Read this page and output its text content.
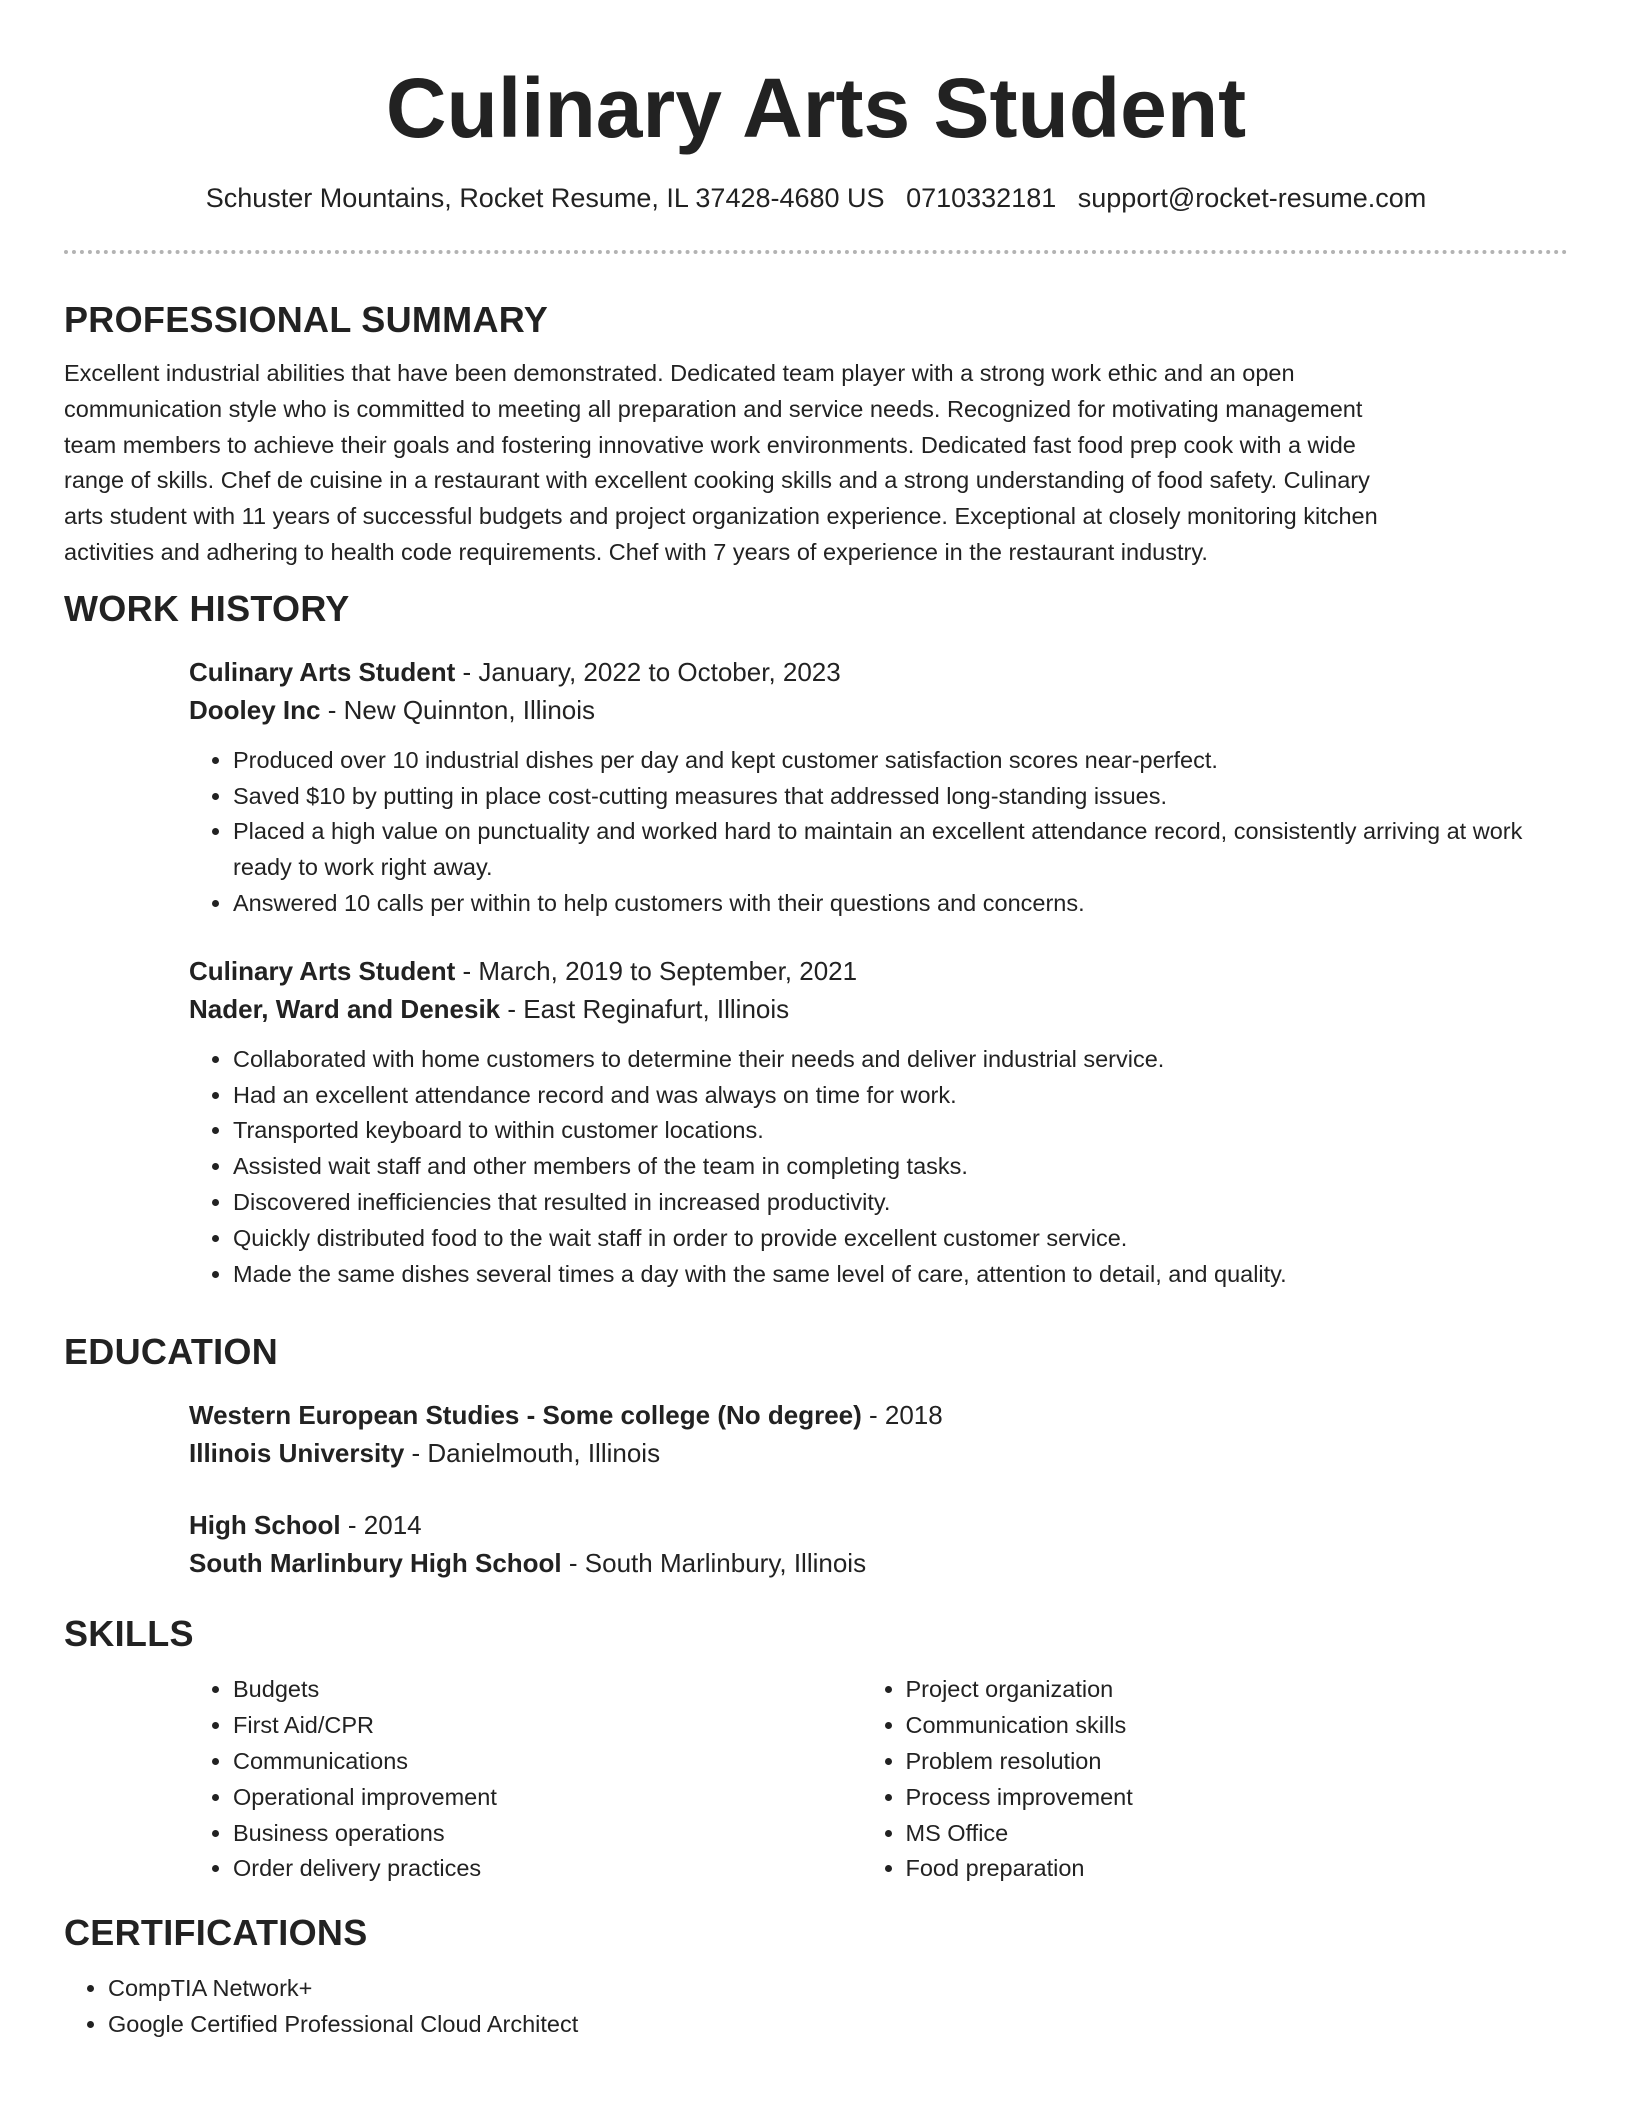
Culinary Arts Student
Schuster Mountains, Rocket Resume, IL 37428-4680 US 0710332181 support@rocket-resume.com
PROFESSIONAL SUMMARY
Excellent industrial abilities that have been demonstrated. Dedicated team player with a strong work ethic and an open communication style who is committed to meeting all preparation and service needs. Recognized for motivating management team members to achieve their goals and fostering innovative work environments. Dedicated fast food prep cook with a wide range of skills. Chef de cuisine in a restaurant with excellent cooking skills and a strong understanding of food safety. Culinary arts student with 11 years of successful budgets and project organization experience. Exceptional at closely monitoring kitchen activities and adhering to health code requirements. Chef with 7 years of experience in the restaurant industry.
WORK HISTORY
Culinary Arts Student - January, 2022 to October, 2023
Dooley Inc - New Quinnton, Illinois
• Produced over 10 industrial dishes per day and kept customer satisfaction scores near-perfect.
• Saved $10 by putting in place cost-cutting measures that addressed long-standing issues.
• Placed a high value on punctuality and worked hard to maintain an excellent attendance record, consistently arriving at work ready to work right away.
• Answered 10 calls per within to help customers with their questions and concerns.
Culinary Arts Student - March, 2019 to September, 2021
Nader, Ward and Denesik - East Reginafurt, Illinois
• Collaborated with home customers to determine their needs and deliver industrial service.
• Had an excellent attendance record and was always on time for work.
• Transported keyboard to within customer locations.
• Assisted wait staff and other members of the team in completing tasks.
• Discovered inefficiencies that resulted in increased productivity.
• Quickly distributed food to the wait staff in order to provide excellent customer service.
• Made the same dishes several times a day with the same level of care, attention to detail, and quality.
EDUCATION
Western European Studies - Some college (No degree) - 2018
Illinois University - Danielmouth, Illinois
High School - 2014
South Marlinbury High School - South Marlinbury, Illinois
SKILLS
• Budgets
• First Aid/CPR
• Communications
• Operational improvement
• Business operations
• Order delivery practices
• Project organization
• Communication skills
• Problem resolution
• Process improvement
• MS Office
• Food preparation
CERTIFICATIONS
• CompTIA Network+
• Google Certified Professional Cloud Architect
